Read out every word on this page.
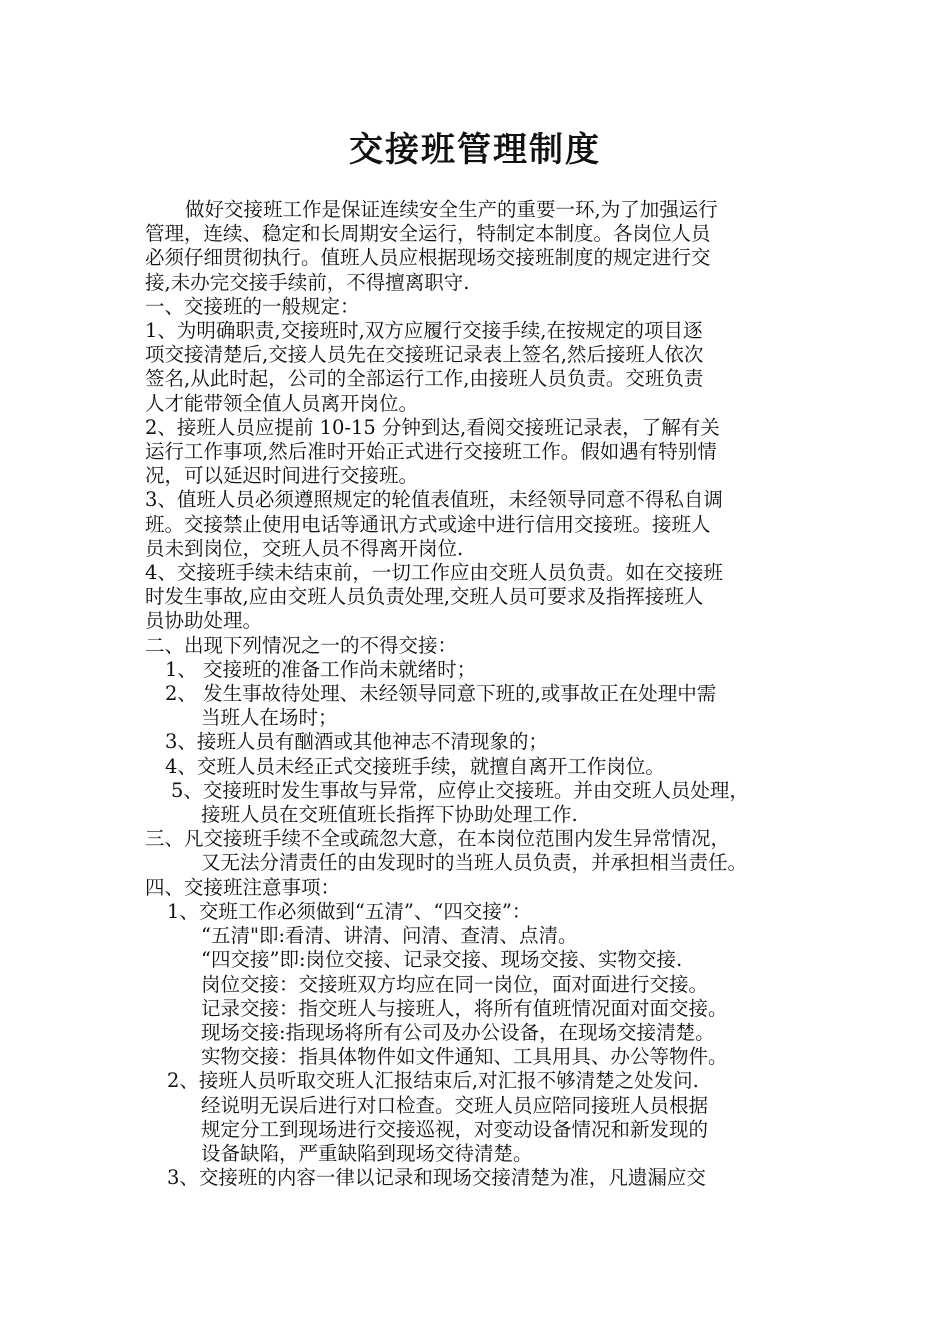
交接班管理制度

做好交接班工作是保证连续安全生产的重要一环,为了加强运行

管理，连续、稳定和长周期安全运行，特制定本制度。各岗位人员

必须仔细贯彻执行。值班人员应根据现场交接班制度的规定进行交

接,未办完交接手续前，不得擅离职守.

一、交接班的一般规定：

1、为明确职责,交接班时,双方应履行交接手续,在按规定的项目逐

项交接清楚后,交接人员先在交接班记录表上签名,然后接班人依次

签名,从此时起，公司的全部运行工作,由接班人员负责。交班负责

人才能带领全值人员离开岗位。

2、接班人员应提前 10-15 分钟到达,看阅交接班记录表，了解有关

运行工作事项,然后准时开始正式进行交接班工作。假如遇有特别情

况，可以延迟时间进行交接班。

3、值班人员必须遵照规定的轮值表值班，未经领导同意不得私自调

班。交接禁止使用电话等通讯方式或途中进行信用交接班。接班人

员未到岗位，交班人员不得离开岗位.

4、交接班手续未结束前，一切工作应由交班人员负责。如在交接班

时发生事故,应由交班人员负责处理,交班人员可要求及指挥接班人

员协助处理。

二、出现下列情况之一的不得交接：

1、 交接班的准备工作尚未就绪时；

2、 发生事故待处理、未经领导同意下班的,或事故正在处理中需

当班人在场时；

3、接班人员有酗酒或其他神志不清现象的；

4、交班人员未经正式交接班手续，就擅自离开工作岗位。

5、交接班时发生事故与异常，应停止交接班。并由交班人员处理，

接班人员在交班值班长指挥下协助处理工作.

三、凡交接班手续不全或疏忽大意，在本岗位范围内发生异常情况，

又无法分清责任的由发现时的当班人员负责，并承担相当责任。

四、交接班注意事项：

1、交班工作必须做到“五清”、“四交接”：

“五清"即:看清、讲清、问清、查清、点清。

“四交接”即:岗位交接、记录交接、现场交接、实物交接.

岗位交接：交接班双方均应在同一岗位，面对面进行交接。

记录交接：指交班人与接班人，将所有值班情况面对面交接。

现场交接:指现场将所有公司及办公设备，在现场交接清楚。

实物交接：指具体物件如文件通知、工具用具、办公等物件。

2、接班人员听取交班人汇报结束后,对汇报不够清楚之处发问.

经说明无误后进行对口检查。交班人员应陪同接班人员根据

规定分工到现场进行交接巡视，对变动设备情况和新发现的

设备缺陷，严重缺陷到现场交待清楚。

3、交接班的内容一律以记录和现场交接清楚为准，凡遗漏应交
